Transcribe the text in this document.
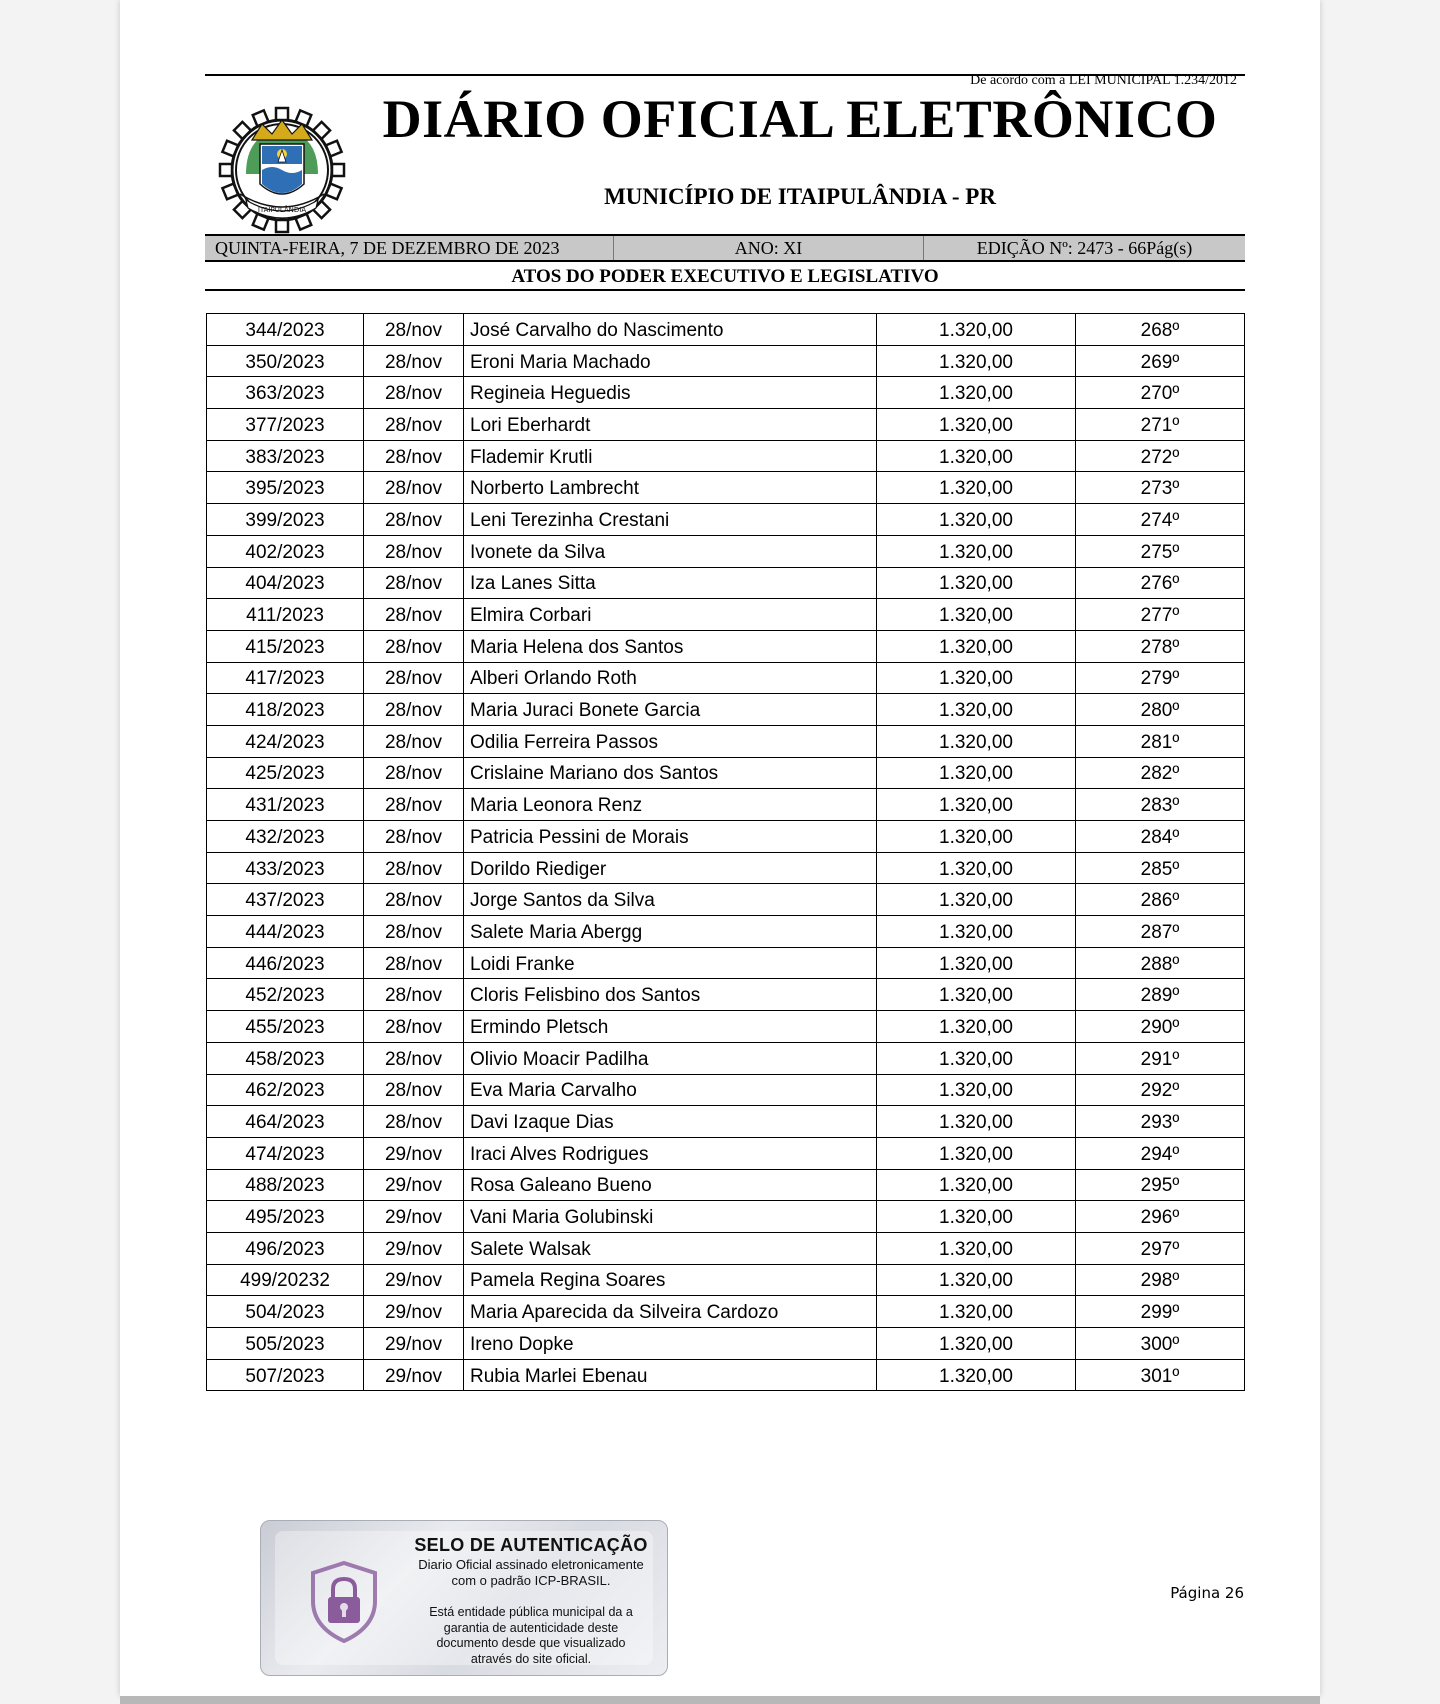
De acordo com a LEI MUNICIPAL 1.234/2012
ITAIPULÂNDIA
DIÁRIO OFICIAL ELETRÔNICO
MUNICÍPIO DE ITAIPULÂNDIA - PR
QUINTA-FEIRA, 7 DE DEZEMBRO DE 2023	ANO: XI	EDIÇÃO Nº: 2473 - 66Pág(s)
ATOS DO PODER EXECUTIVO E LEGISLATIVO
344/2023	28/nov	José Carvalho do Nascimento	1.320,00	268º
350/2023	28/nov	Eroni Maria Machado	1.320,00	269º
363/2023	28/nov	Regineia Heguedis	1.320,00	270º
377/2023	28/nov	Lori Eberhardt	1.320,00	271º
383/2023	28/nov	Flademir Krutli	1.320,00	272º
395/2023	28/nov	Norberto Lambrecht	1.320,00	273º
399/2023	28/nov	Leni Terezinha Crestani	1.320,00	274º
402/2023	28/nov	Ivonete da Silva	1.320,00	275º
404/2023	28/nov	Iza Lanes Sitta	1.320,00	276º
411/2023	28/nov	Elmira Corbari	1.320,00	277º
415/2023	28/nov	Maria Helena dos Santos	1.320,00	278º
417/2023	28/nov	Alberi Orlando Roth	1.320,00	279º
418/2023	28/nov	Maria Juraci Bonete Garcia	1.320,00	280º
424/2023	28/nov	Odilia Ferreira Passos	1.320,00	281º
425/2023	28/nov	Crislaine Mariano dos Santos	1.320,00	282º
431/2023	28/nov	Maria Leonora Renz	1.320,00	283º
432/2023	28/nov	Patricia Pessini de Morais	1.320,00	284º
433/2023	28/nov	Dorildo Riediger	1.320,00	285º
437/2023	28/nov	Jorge Santos da Silva	1.320,00	286º
444/2023	28/nov	Salete Maria Abergg	1.320,00	287º
446/2023	28/nov	Loidi Franke	1.320,00	288º
452/2023	28/nov	Cloris Felisbino dos Santos	1.320,00	289º
455/2023	28/nov	Ermindo Pletsch	1.320,00	290º
458/2023	28/nov	Olivio Moacir Padilha	1.320,00	291º
462/2023	28/nov	Eva Maria Carvalho	1.320,00	292º
464/2023	28/nov	Davi Izaque Dias	1.320,00	293º
474/2023	29/nov	Iraci Alves Rodrigues	1.320,00	294º
488/2023	29/nov	Rosa Galeano Bueno	1.320,00	295º
495/2023	29/nov	Vani Maria Golubinski	1.320,00	296º
496/2023	29/nov	Salete Walsak	1.320,00	297º
499/20232	29/nov	Pamela Regina Soares	1.320,00	298º
504/2023	29/nov	Maria Aparecida da Silveira Cardozo	1.320,00	299º
505/2023	29/nov	Ireno Dopke	1.320,00	300º
507/2023	29/nov	Rubia Marlei Ebenau	1.320,00	301º
SELO DE AUTENTICAÇÃO
Diario Oficial assinado eletronicamente
com o padrão ICP-BRASIL.
Está entidade pública municipal da a garantia de autenticidade deste documento desde que visualizado através do site oficial.
Página 26
